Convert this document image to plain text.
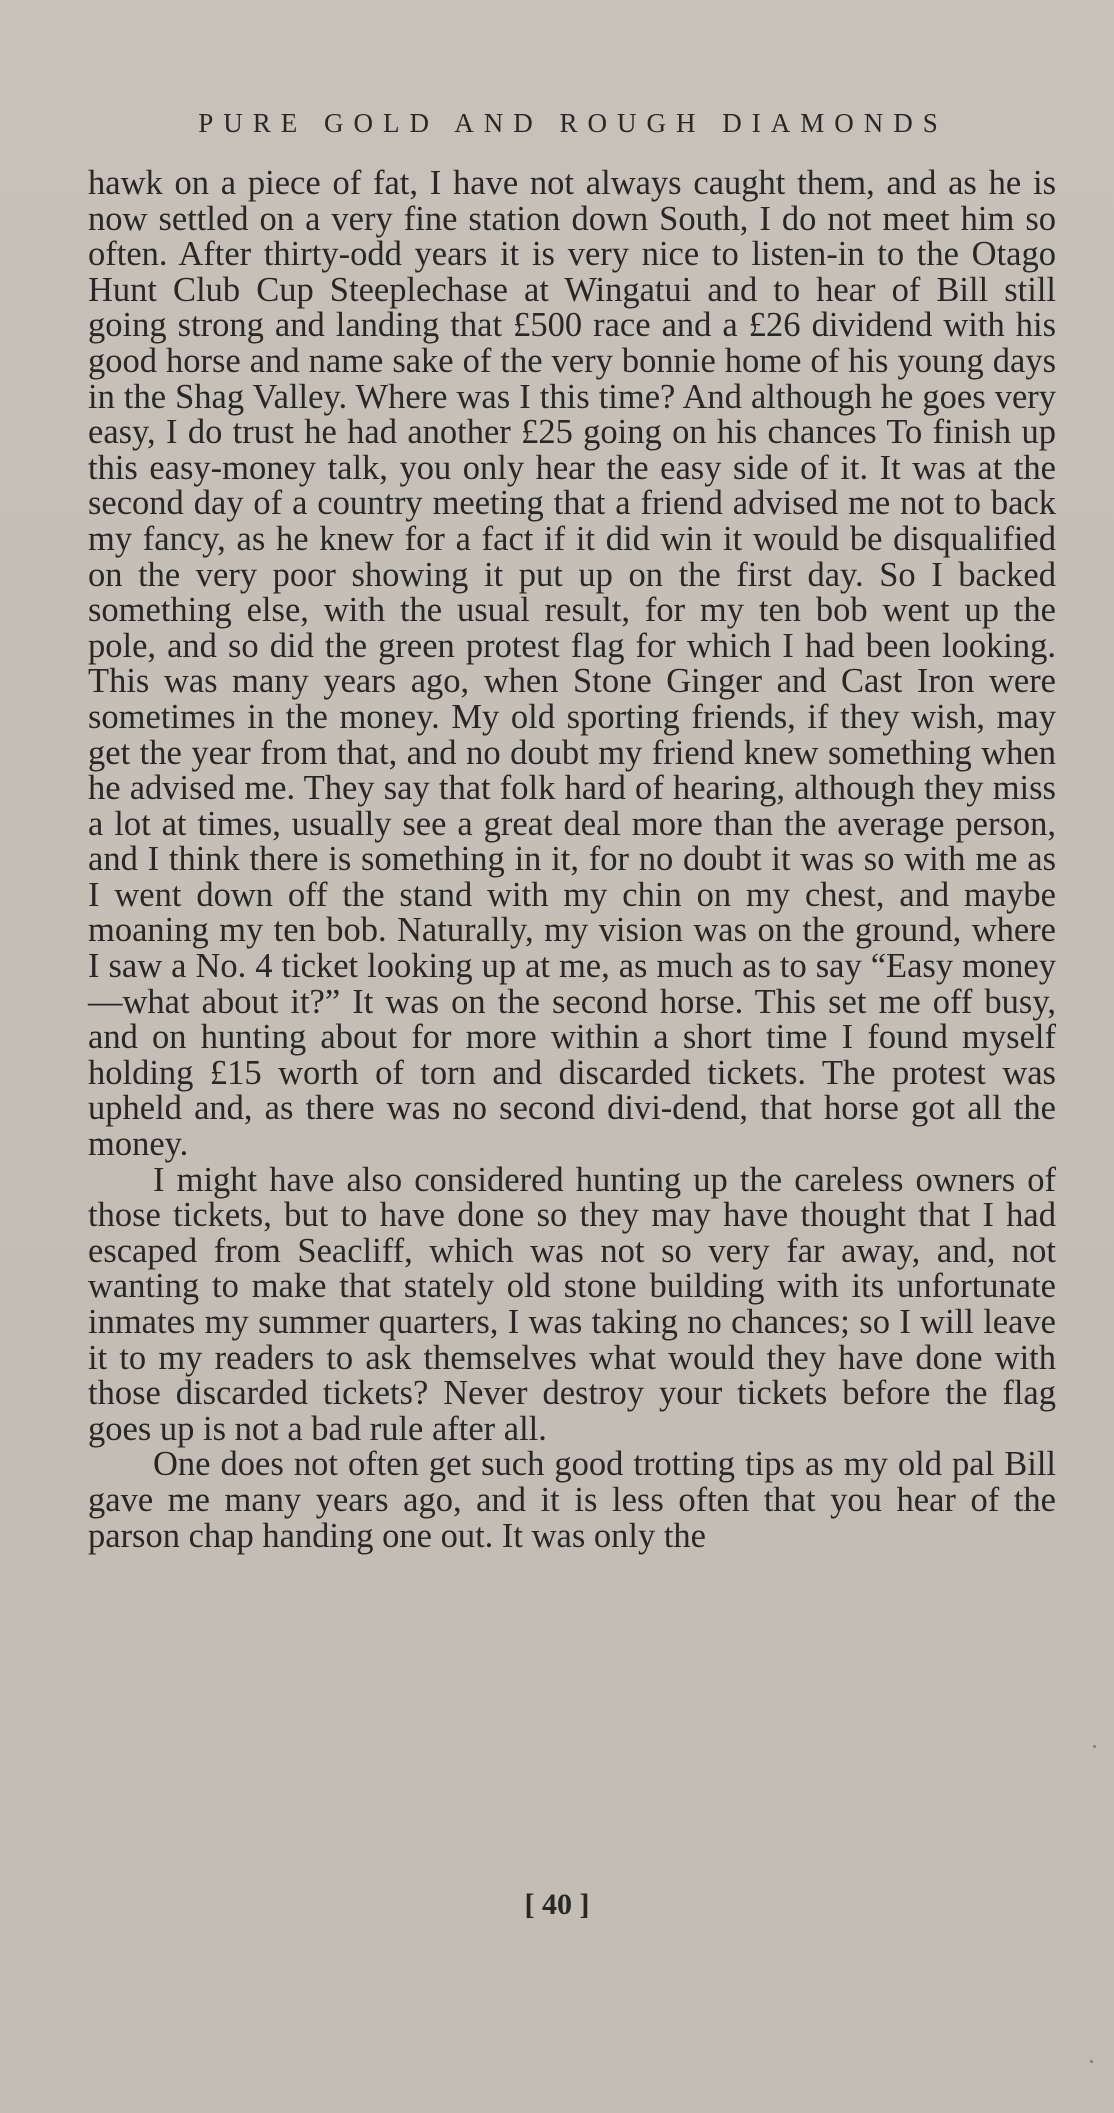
PURE GOLD AND ROUGH DIAMONDS

hawk on a piece of fat, I have not always caught them, and as he is now settled on a very fine station down South, I do not meet him so often. After thirty-odd years it is very nice to listen-in to the Otago Hunt Club Cup Steeplechase at Wingatui and to hear of Bill still going strong and landing that £500 race and a £26 dividend with his good horse and name sake of the very bonnie home of his young days in the Shag Valley. Where was I this time? And although he goes very easy, I do trust he had another £25 going on his chances To finish up this easy-money talk, you only hear the easy side of it. It was at the second day of a country meeting that a friend advised me not to back my fancy, as he knew for a fact if it did win it would be disqualified on the very poor showing it put up on the first day. So I backed something else, with the usual result, for my ten bob went up the pole, and so did the green protest flag for which I had been looking. This was many years ago, when Stone Ginger and Cast Iron were sometimes in the money. My old sporting friends, if they wish, may get the year from that, and no doubt my friend knew something when he advised me. They say that folk hard of hearing, although they miss a lot at times, usually see a great deal more than the average person, and I think there is something in it, for no doubt it was so with me as I went down off the stand with my chin on my chest, and maybe moaning my ten bob. Naturally, my vision was on the ground, where I saw a No. 4 ticket looking up at me, as much as to say “Easy money—what about it?” It was on the second horse. This set me off busy, and on hunting about for more within a short time I found myself holding £15 worth of torn and discarded tickets. The protest was upheld and, as there was no second divi-dend, that horse got all the money.

I might have also considered hunting up the careless owners of those tickets, but to have done so they may have thought that I had escaped from Seacliff, which was not so very far away, and, not wanting to make that stately old stone building with its unfortunate inmates my summer quarters, I was taking no chances; so I will leave it to my readers to ask themselves what would they have done with those discarded tickets? Never destroy your tickets before the flag goes up is not a bad rule after all.

One does not often get such good trotting tips as my old pal Bill gave me many years ago, and it is less often that you hear of the parson chap handing one out. It was only the

[ 40 ]
